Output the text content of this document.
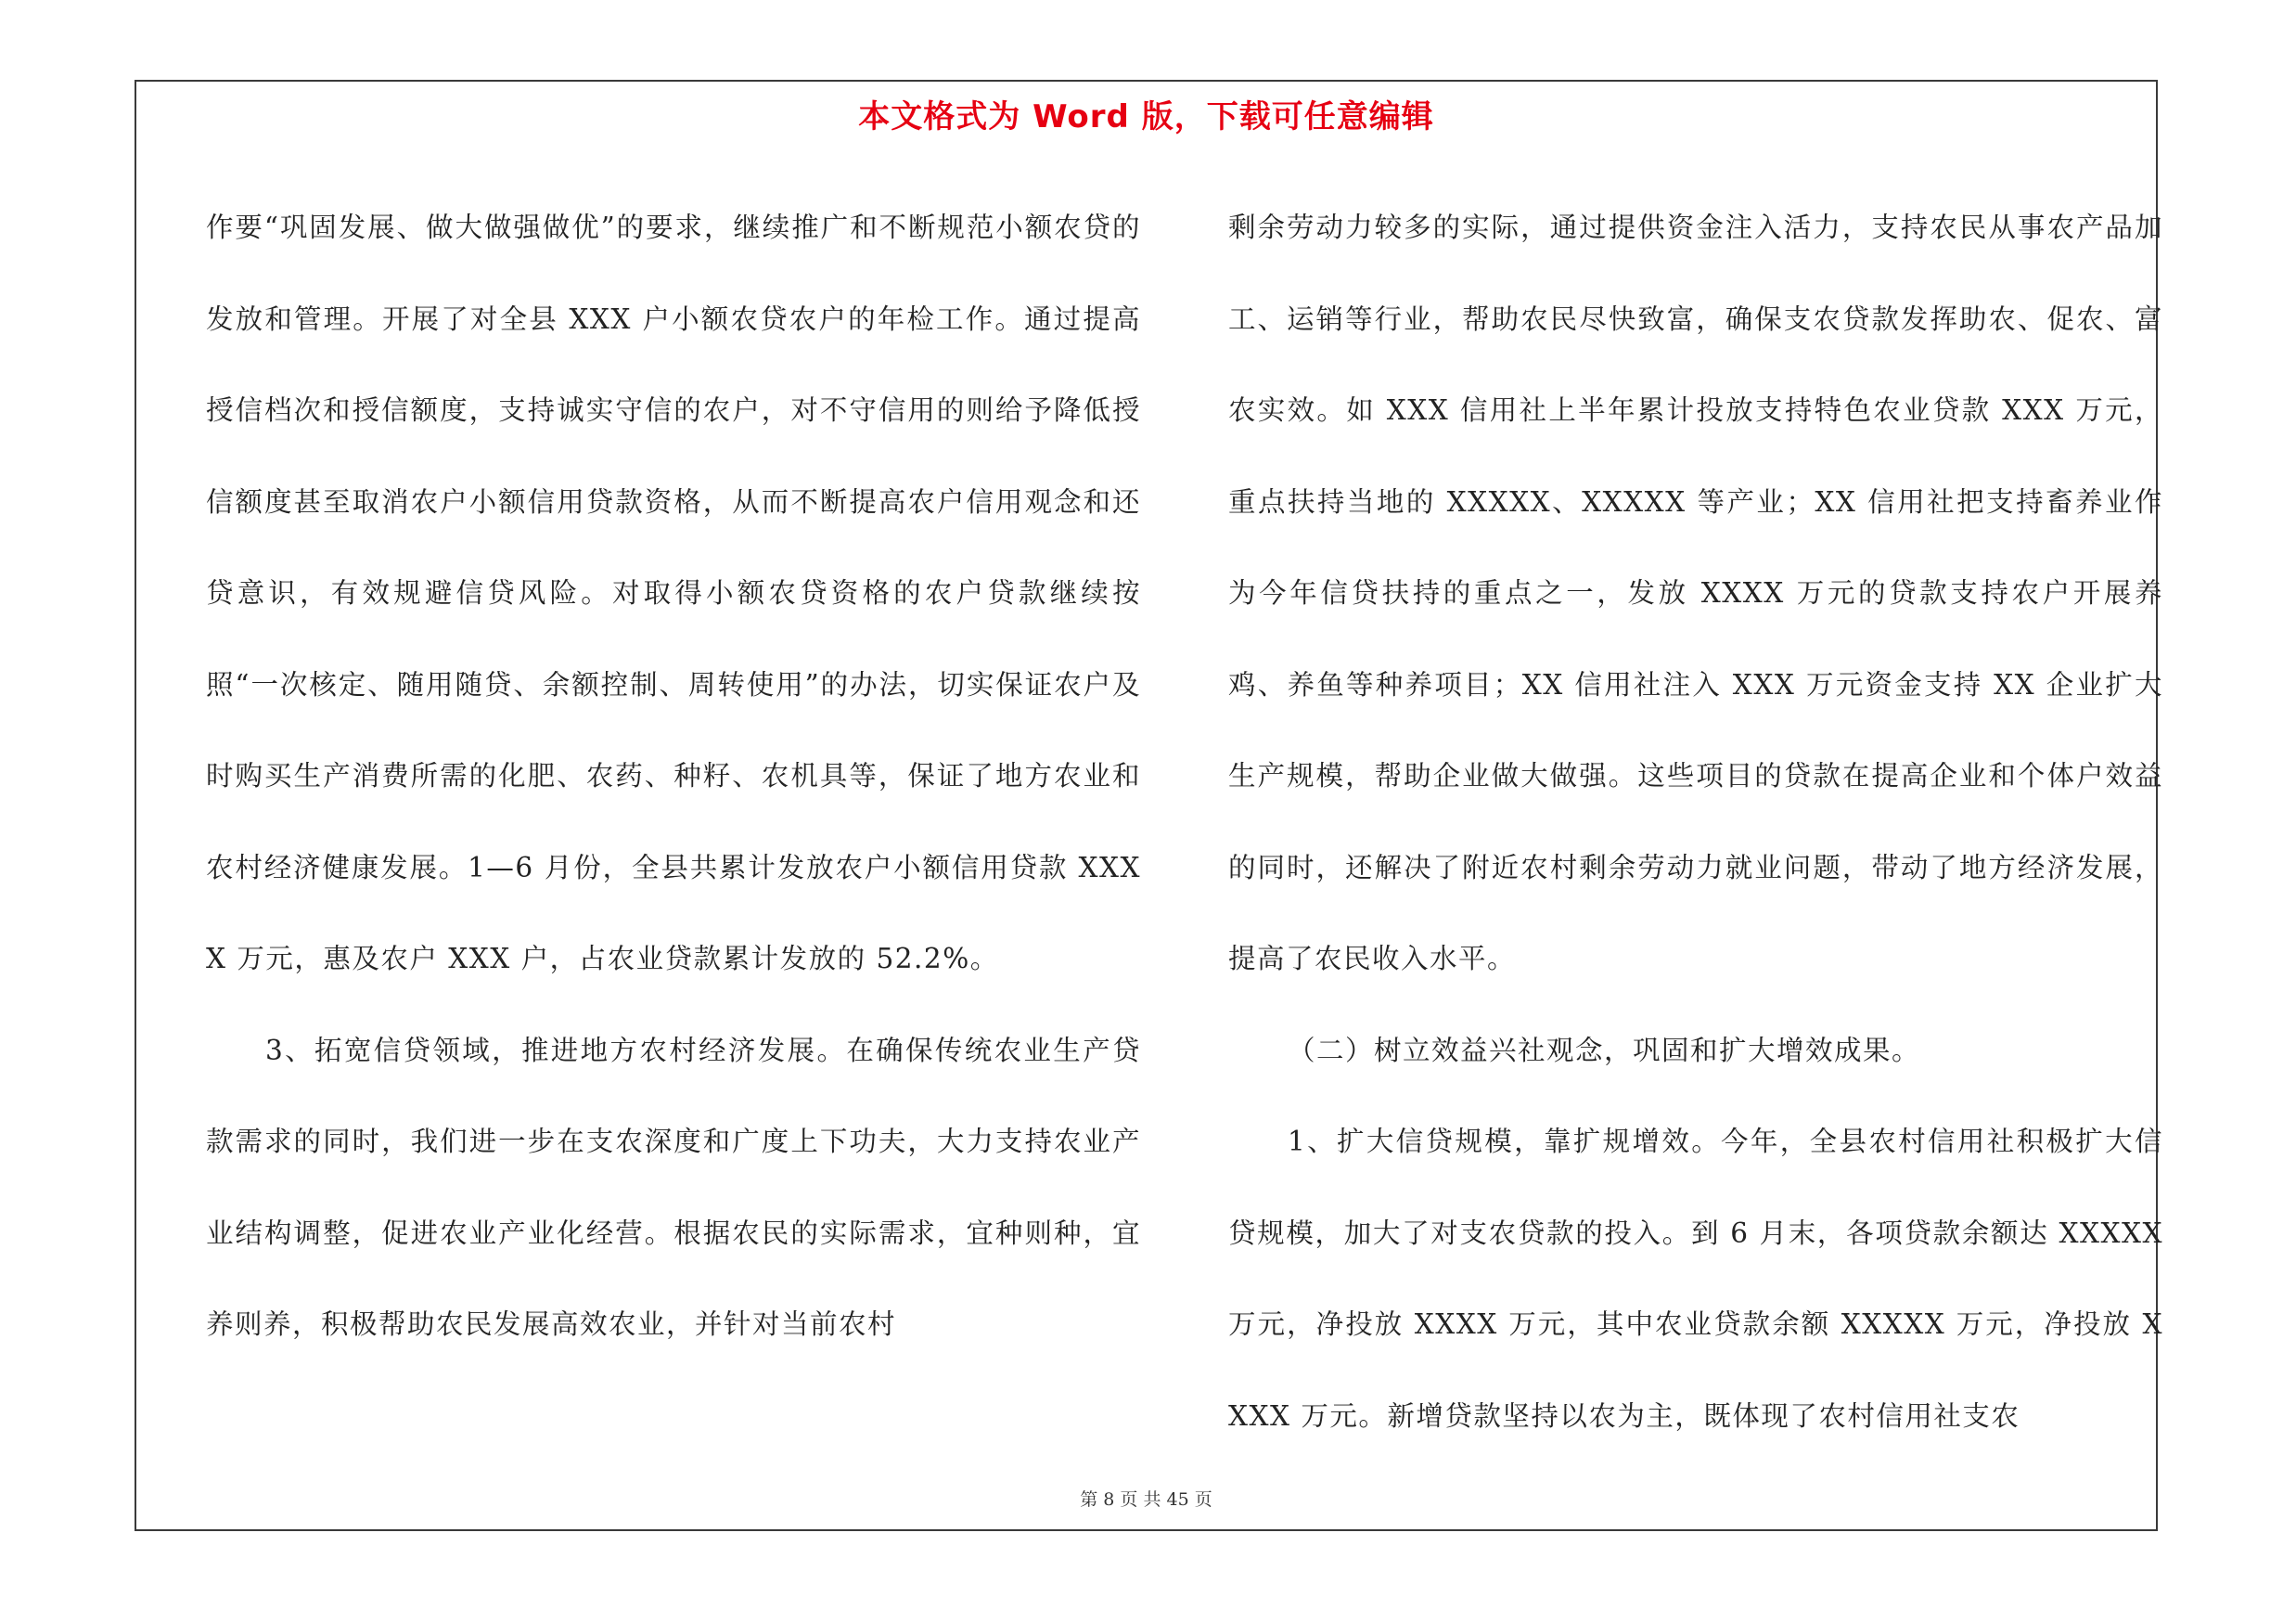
本文格式为 Word 版，下载可任意编辑

作要“巩固发展、做大做强做优”的要求，继续推广和不断规范小额农贷的发放和管理。开展了对全县 XXX 户小额农贷农户的年检工作。通过提高授信档次和授信额度，支持诚实守信的农户，对不守信用的则给予降低授信额度甚至取消农户小额信用贷款资格，从而不断提高农户信用观念和还贷意识，有效规避信贷风险。对取得小额农贷资格的农户贷款继续按照“一次核定、随用随贷、余额控制、周转使用”的办法，切实保证农户及时购买生产消费所需的化肥、农药、种籽、农机具等，保证了地方农业和农村经济健康发展。1—6 月份，全县共累计发放农户小额信用贷款 XXXX 万元，惠及农户 XXX 户，占农业贷款累计发放的 52.2%。

3、拓宽信贷领域，推进地方农村经济发展。在确保传统农业生产贷款需求的同时，我们进一步在支农深度和广度上下功夫，大力支持农业产业结构调整，促进农业产业化经营。根据农民的实际需求，宜种则种，宜养则养，积极帮助农民发展高效农业，并针对当前农村

剩余劳动力较多的实际，通过提供资金注入活力，支持农民从事农产品加工、运销等行业，帮助农民尽快致富，确保支农贷款发挥助农、促农、富农实效。如 XXX 信用社上半年累计投放支持特色农业贷款 XXX 万元，重点扶持当地的 XXXXX、XXXXX 等产业；XX 信用社把支持畜养业作为今年信贷扶持的重点之一，发放 XXXX 万元的贷款支持农户开展养鸡、养鱼等种养项目；XX 信用社注入 XXX 万元资金支持 XX 企业扩大生产规模，帮助企业做大做强。这些项目的贷款在提高企业和个体户效益的同时，还解决了附近农村剩余劳动力就业问题，带动了地方经济发展，提高了农民收入水平。

（二）树立效益兴社观念，巩固和扩大增效成果。

1、扩大信贷规模，靠扩规增效。今年，全县农村信用社积极扩大信贷规模，加大了对支农贷款的投入。到 6 月末，各项贷款余额达 XXXXX 万元，净投放 XXXX 万元，其中农业贷款余额 XXXXX 万元，净投放 XXXX 万元。新增贷款坚持以农为主，既体现了农村信用社支农

第 8 页 共 45 页
